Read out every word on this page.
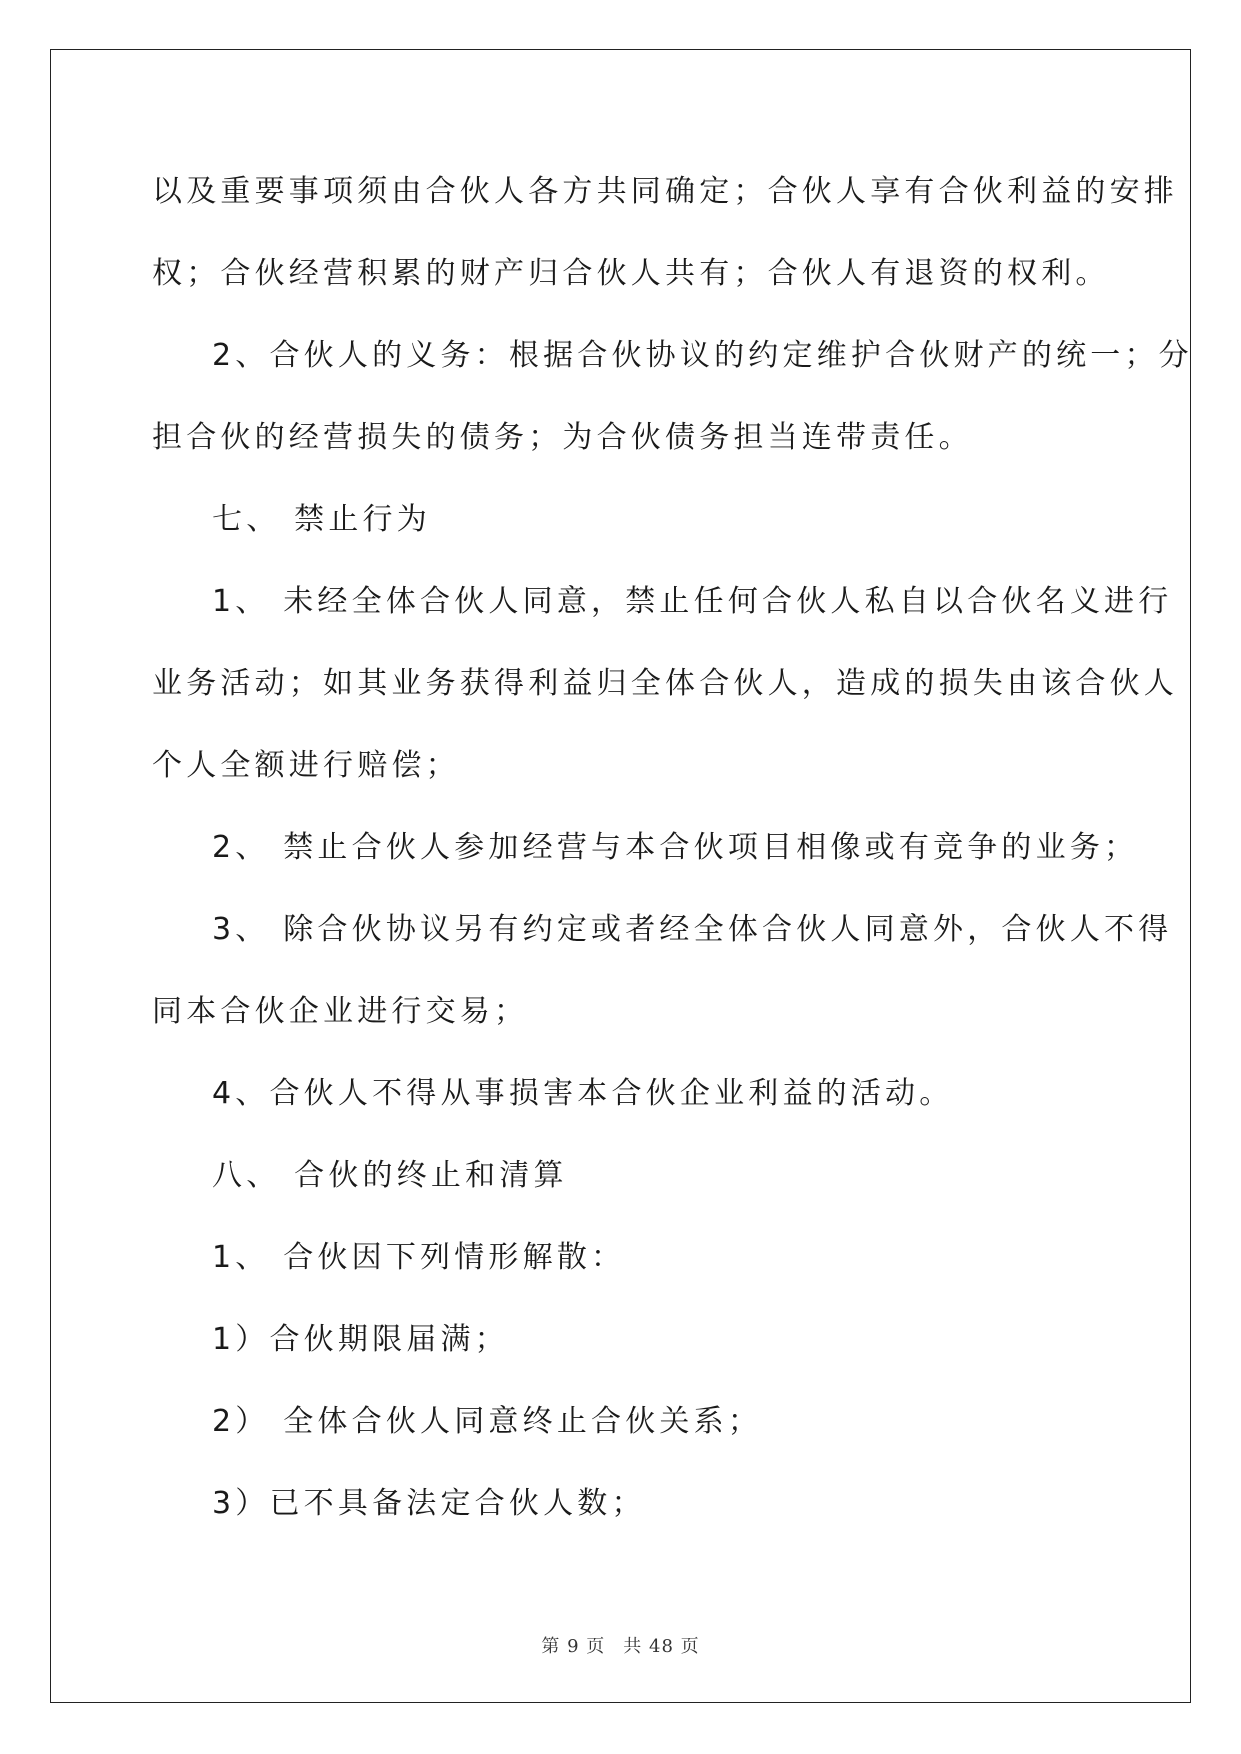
以及重要事项须由合伙人各方共同确定；合伙人享有合伙利益的安排
权；合伙经营积累的财产归合伙人共有；合伙人有退资的权利。
2、合伙人的义务：根据合伙协议的约定维护合伙财产的统一；分
担合伙的经营损失的债务；为合伙债务担当连带责任。
七、 禁止行为
1、 未经全体合伙人同意，禁止任何合伙人私自以合伙名义进行
业务活动；如其业务获得利益归全体合伙人，造成的损失由该合伙人
个人全额进行赔偿；
2、 禁止合伙人参加经营与本合伙项目相像或有竞争的业务；
3、 除合伙协议另有约定或者经全体合伙人同意外，合伙人不得
同本合伙企业进行交易；
4、合伙人不得从事损害本合伙企业利益的活动。
八、 合伙的终止和清算
1、 合伙因下列情形解散：
1）合伙期限届满；
2） 全体合伙人同意终止合伙关系；
3）已不具备法定合伙人数；
第 9 页 共 48 页
